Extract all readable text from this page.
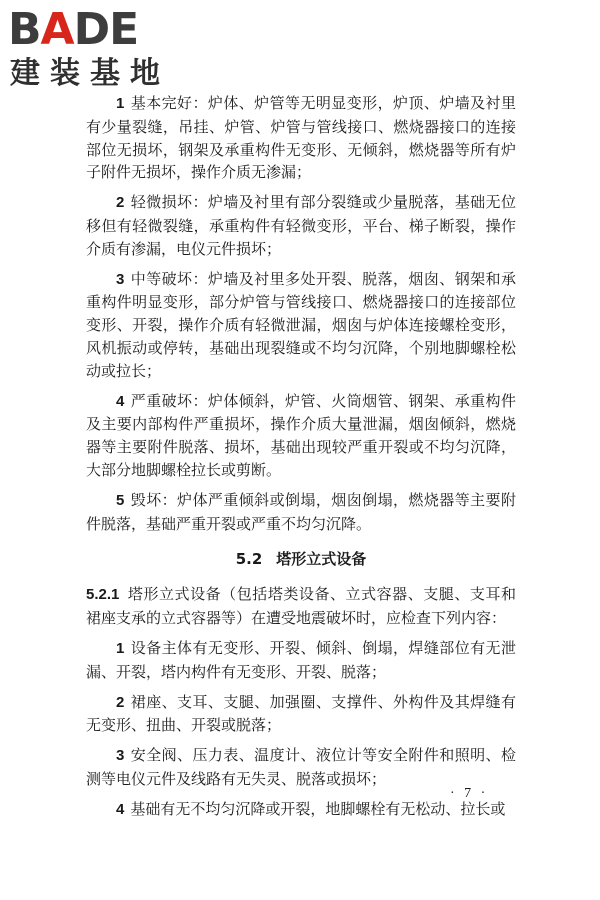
BADE
建装基地

1 基本完好：炉体、炉管等无明显变形，炉顶、炉墙及衬里有少量裂缝，吊挂、炉管、炉管与管线接口、燃烧器接口的连接部位无损坏，钢架及承重构件无变形、无倾斜，燃烧器等所有炉子附件无损坏，操作介质无渗漏；

2 轻微损坏：炉墙及衬里有部分裂缝或少量脱落，基础无位移但有轻微裂缝，承重构件有轻微变形，平台、梯子断裂，操作介质有渗漏，电仪元件损坏；

3 中等破坏：炉墙及衬里多处开裂、脱落，烟囱、钢架和承重构件明显变形，部分炉管与管线接口、燃烧器接口的连接部位变形、开裂，操作介质有轻微泄漏，烟囱与炉体连接螺栓变形，风机振动或停转，基础出现裂缝或不均匀沉降，个别地脚螺栓松动或拉长；

4 严重破坏：炉体倾斜，炉管、火筒烟管、钢架、承重构件及主要内部构件严重损坏，操作介质大量泄漏，烟囱倾斜，燃烧器等主要附件脱落、损坏，基础出现较严重开裂或不均匀沉降，大部分地脚螺栓拉长或剪断。

5 毁坏：炉体严重倾斜或倒塌，烟囱倒塌，燃烧器等主要附件脱落，基础严重开裂或严重不均匀沉降。

5.2 塔形立式设备

5.2.1 塔形立式设备（包括塔类设备、立式容器、支腿、支耳和裙座支承的立式容器等）在遭受地震破坏时，应检查下列内容：

1 设备主体有无变形、开裂、倾斜、倒塌，焊缝部位有无泄漏、开裂，塔内构件有无变形、开裂、脱落；

2 裙座、支耳、支腿、加强圈、支撑件、外构件及其焊缝有无变形、扭曲、开裂或脱落；

3 安全阀、压力表、温度计、液位计等安全附件和照明、检测等电仪元件及线路有无失灵、脱落或损坏；

4 基础有无不均匀沉降或开裂，地脚螺栓有无松动、拉长或

· 7 ·
